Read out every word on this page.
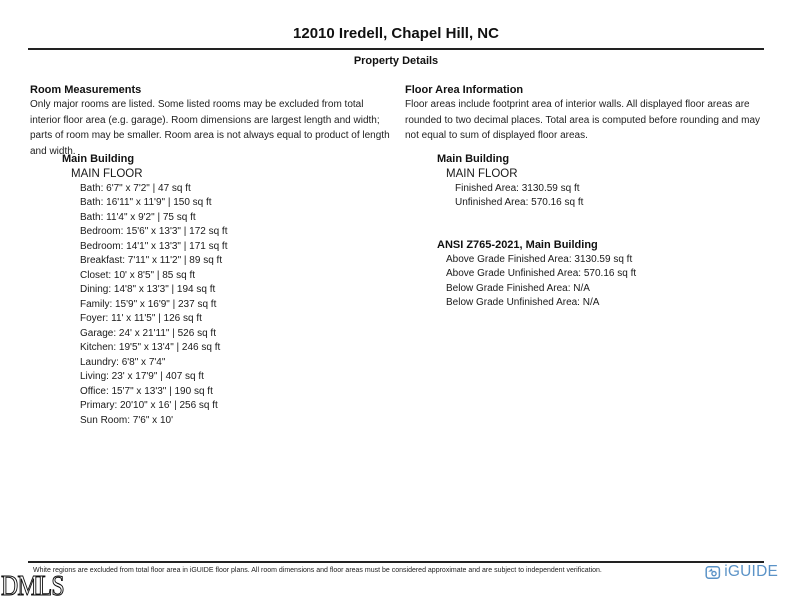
12010 Iredell, Chapel Hill, NC
Property Details
Room Measurements
Only major rooms are listed. Some listed rooms may be excluded from total interior floor area (e.g. garage). Room dimensions are largest length and width; parts of room may be smaller. Room area is not always equal to product of length and width.
Main Building
MAIN FLOOR
Bath: 6'7" x 7'2" | 47 sq ft
Bath: 16'11" x 11'9" | 150 sq ft
Bath: 11'4" x 9'2" | 75 sq ft
Bedroom: 15'6" x 13'3" | 172 sq ft
Bedroom: 14'1" x 13'3" | 171 sq ft
Breakfast: 7'11" x 11'2" | 89 sq ft
Closet: 10' x 8'5" | 85 sq ft
Dining: 14'8" x 13'3" | 194 sq ft
Family: 15'9" x 16'9" | 237 sq ft
Foyer: 11' x 11'5" | 126 sq ft
Garage: 24' x 21'11" | 526 sq ft
Kitchen: 19'5" x 13'4" | 246 sq ft
Laundry: 6'8" x 7'4"
Living: 23' x 17'9" | 407 sq ft
Office: 15'7" x 13'3" | 190 sq ft
Primary: 20'10" x 16' | 256 sq ft
Sun Room: 7'6" x 10'
Floor Area Information
Floor areas include footprint area of interior walls. All displayed floor areas are rounded to two decimal places. Total area is computed before rounding and may not equal to sum of displayed floor areas.
Main Building
MAIN FLOOR
Finished Area: 3130.59 sq ft
Unfinished Area: 570.16 sq ft
ANSI Z765-2021, Main Building
Above Grade Finished Area: 3130.59 sq ft
Above Grade Unfinished Area: 570.16 sq ft
Below Grade Finished Area: N/A
Below Grade Unfinished Area: N/A
White regions are excluded from total floor area in iGUIDE floor plans. All room dimensions and floor areas must be considered approximate and are subject to independent verification.	iGUIDE
DMLS
